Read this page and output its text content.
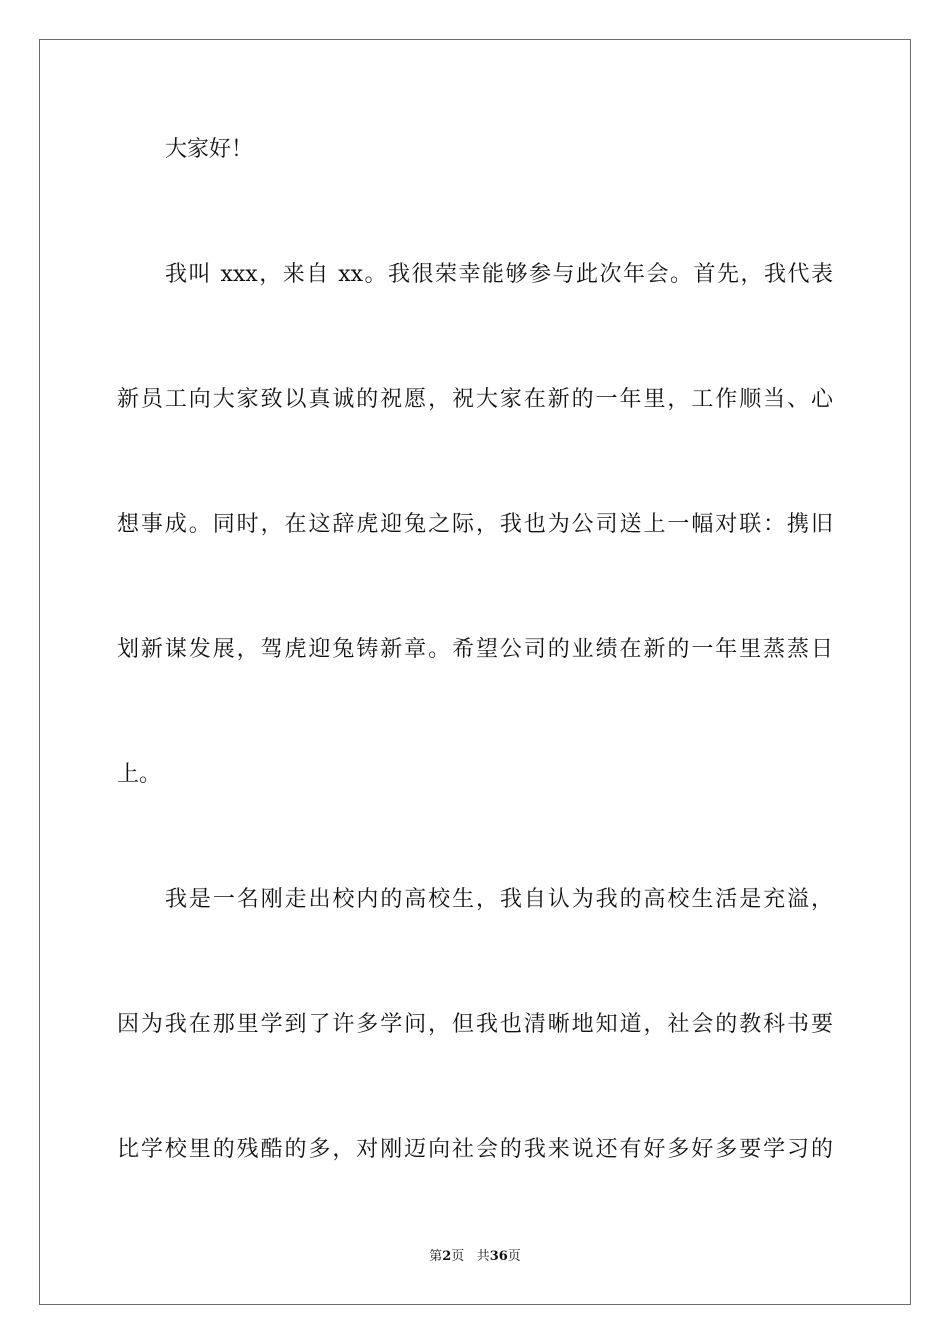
大家好！
我叫 xxx，来自 xx。我很荣幸能够参与此次年会。首先，我代表
新员工向大家致以真诚的祝愿，祝大家在新的一年里，工作顺当、心
想事成。同时，在这辞虎迎兔之际，我也为公司送上一幅对联：携旧
划新谋发展，驾虎迎兔铸新章。希望公司的业绩在新的一年里蒸蒸日
上。
我是一名刚走出校内的高校生，我自认为我的高校生活是充溢，
因为我在那里学到了许多学问，但我也清晰地知道，社会的教科书要
比学校里的残酷的多，对刚迈向社会的我来说还有好多好多要学习的
第2页 共36页
